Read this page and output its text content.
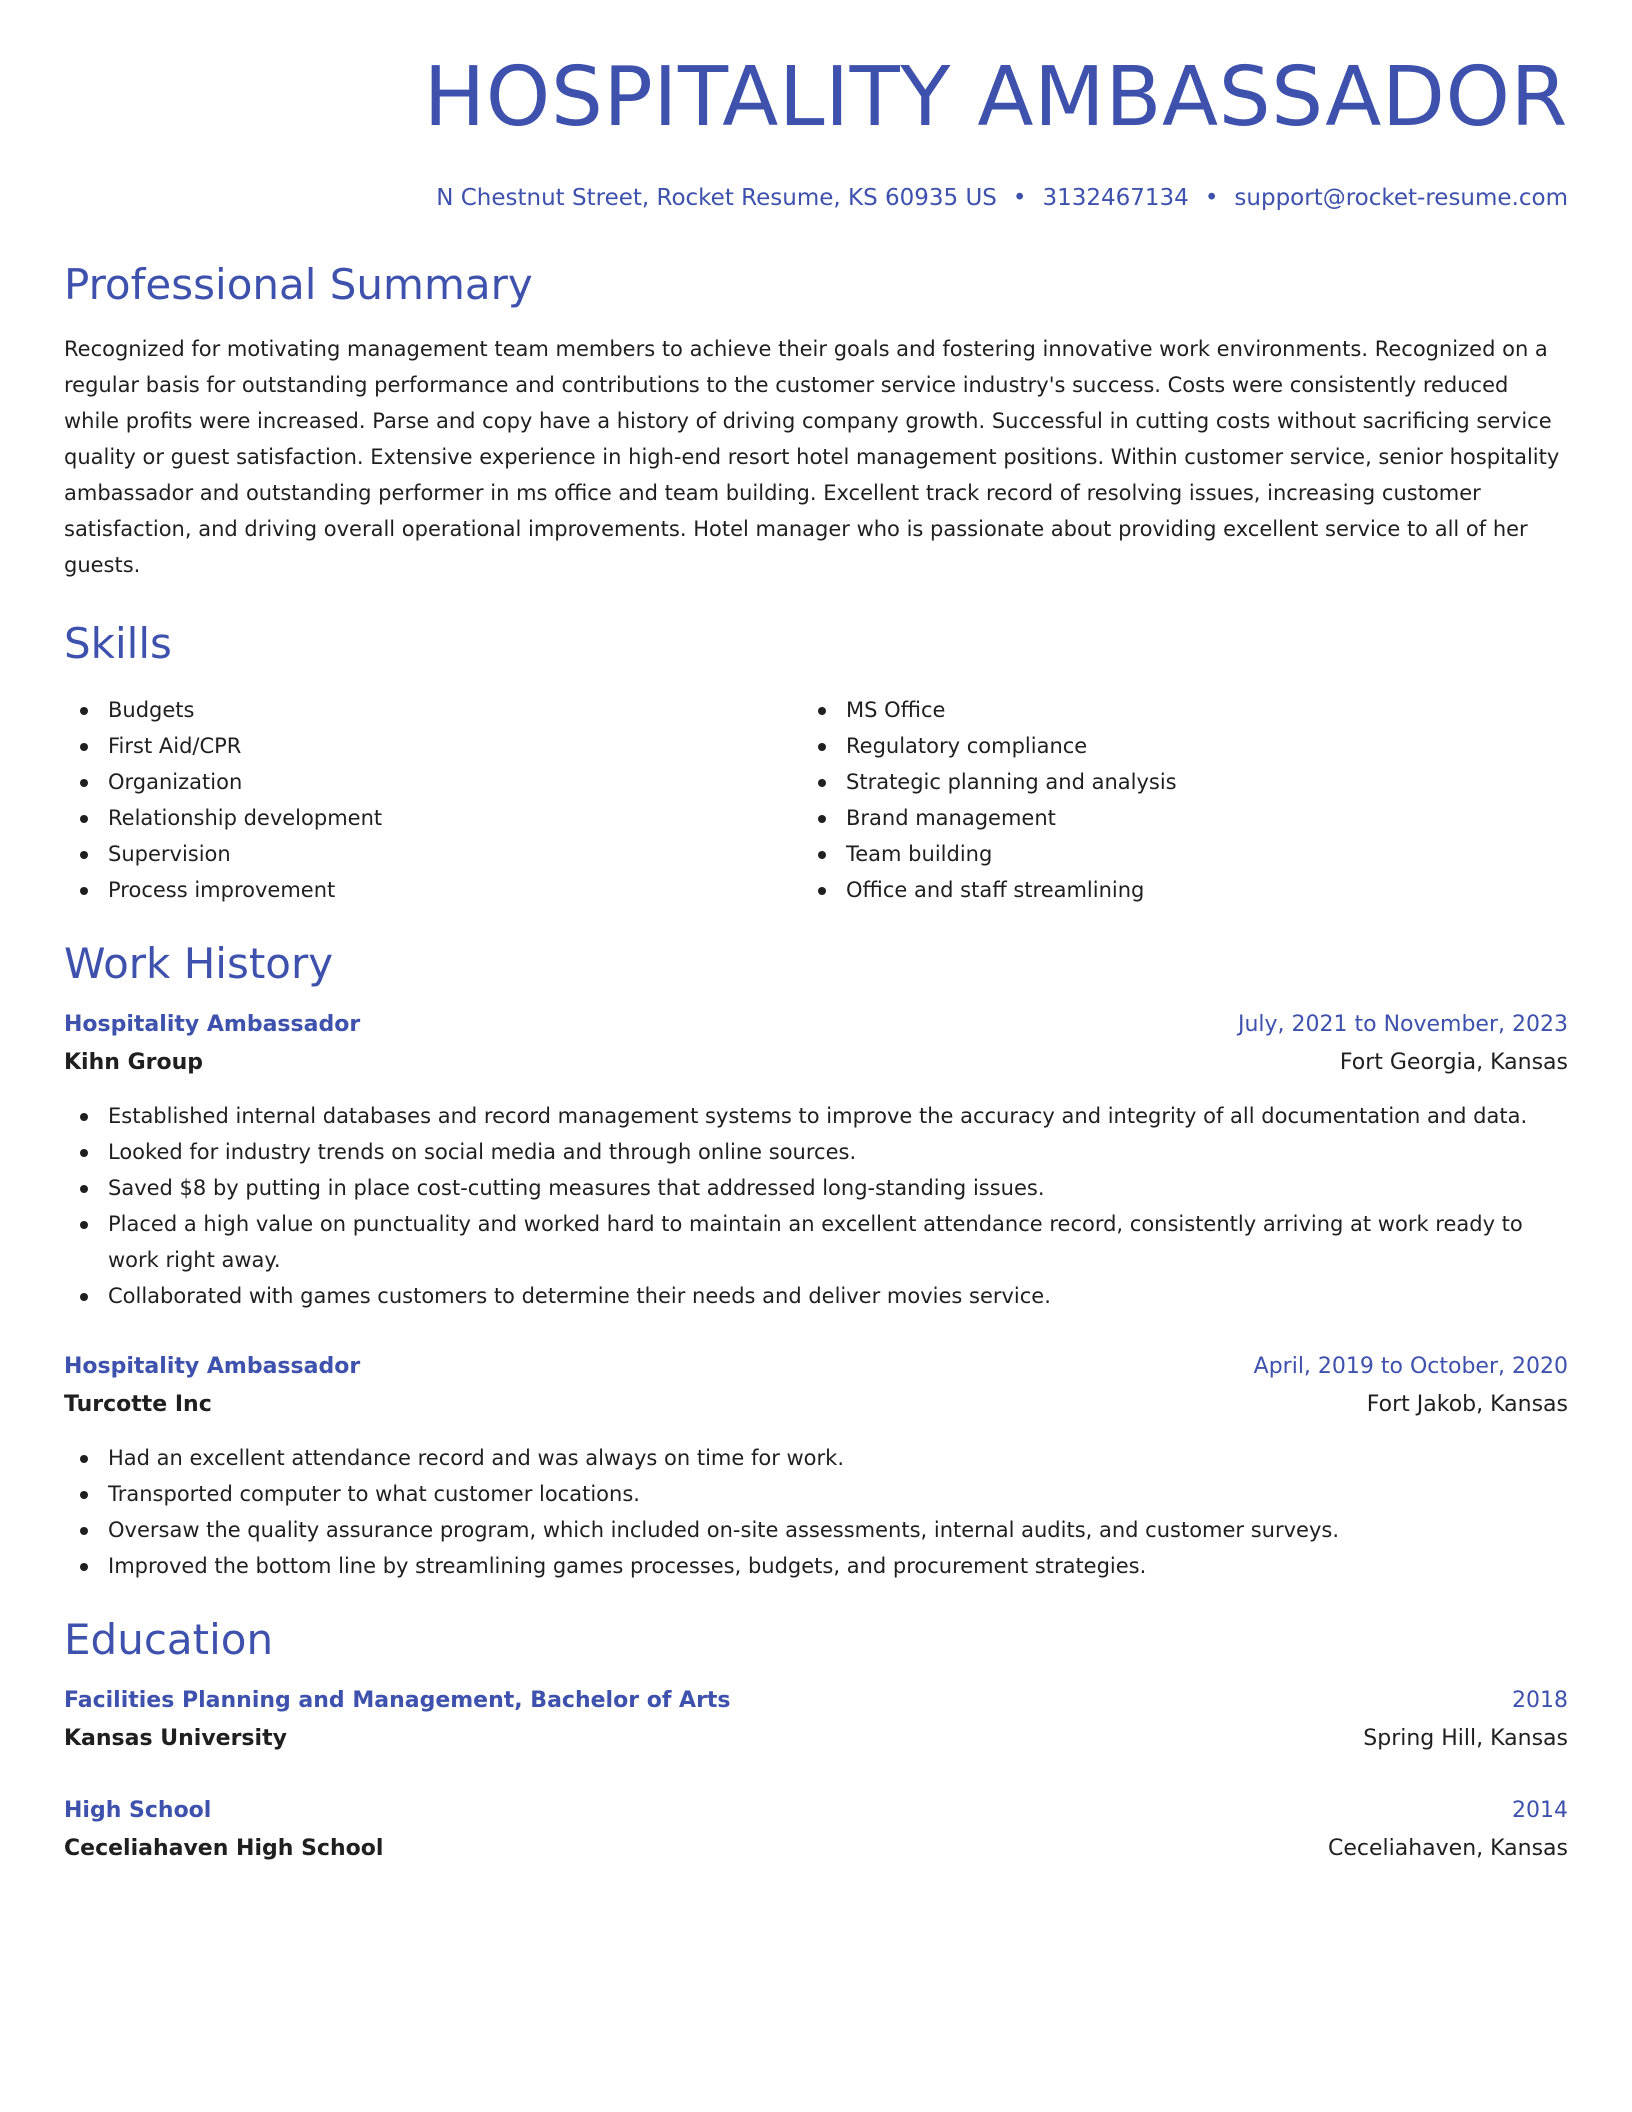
HOSPITALITY AMBASSADOR
N Chestnut Street, Rocket Resume, KS 60935 US • 3132467134 • support@rocket-resume.com
Professional Summary
Recognized for motivating management team members to achieve their goals and fostering innovative work environments. Recognized on a regular basis for outstanding performance and contributions to the customer service industry's success. Costs were consistently reduced while profits were increased. Parse and copy have a history of driving company growth. Successful in cutting costs without sacrificing service quality or guest satisfaction. Extensive experience in high-end resort hotel management positions. Within customer service, senior hospitality ambassador and outstanding performer in ms office and team building. Excellent track record of resolving issues, increasing customer satisfaction, and driving overall operational improvements. Hotel manager who is passionate about providing excellent service to all of her guests.
Skills
Budgets
First Aid/CPR
Organization
Relationship development
Supervision
Process improvement
MS Office
Regulatory compliance
Strategic planning and analysis
Brand management
Team building
Office and staff streamlining
Work History
Hospitality Ambassador	July, 2021 to November, 2023
Kihn Group	Fort Georgia, Kansas
Established internal databases and record management systems to improve the accuracy and integrity of all documentation and data.
Looked for industry trends on social media and through online sources.
Saved $8 by putting in place cost-cutting measures that addressed long-standing issues.
Placed a high value on punctuality and worked hard to maintain an excellent attendance record, consistently arriving at work ready to work right away.
Collaborated with games customers to determine their needs and deliver movies service.
Hospitality Ambassador	April, 2019 to October, 2020
Turcotte Inc	Fort Jakob, Kansas
Had an excellent attendance record and was always on time for work.
Transported computer to what customer locations.
Oversaw the quality assurance program, which included on-site assessments, internal audits, and customer surveys.
Improved the bottom line by streamlining games processes, budgets, and procurement strategies.
Education
Facilities Planning and Management, Bachelor of Arts	2018
Kansas University	Spring Hill, Kansas
High School	2014
Ceceliahaven High School	Ceceliahaven, Kansas
